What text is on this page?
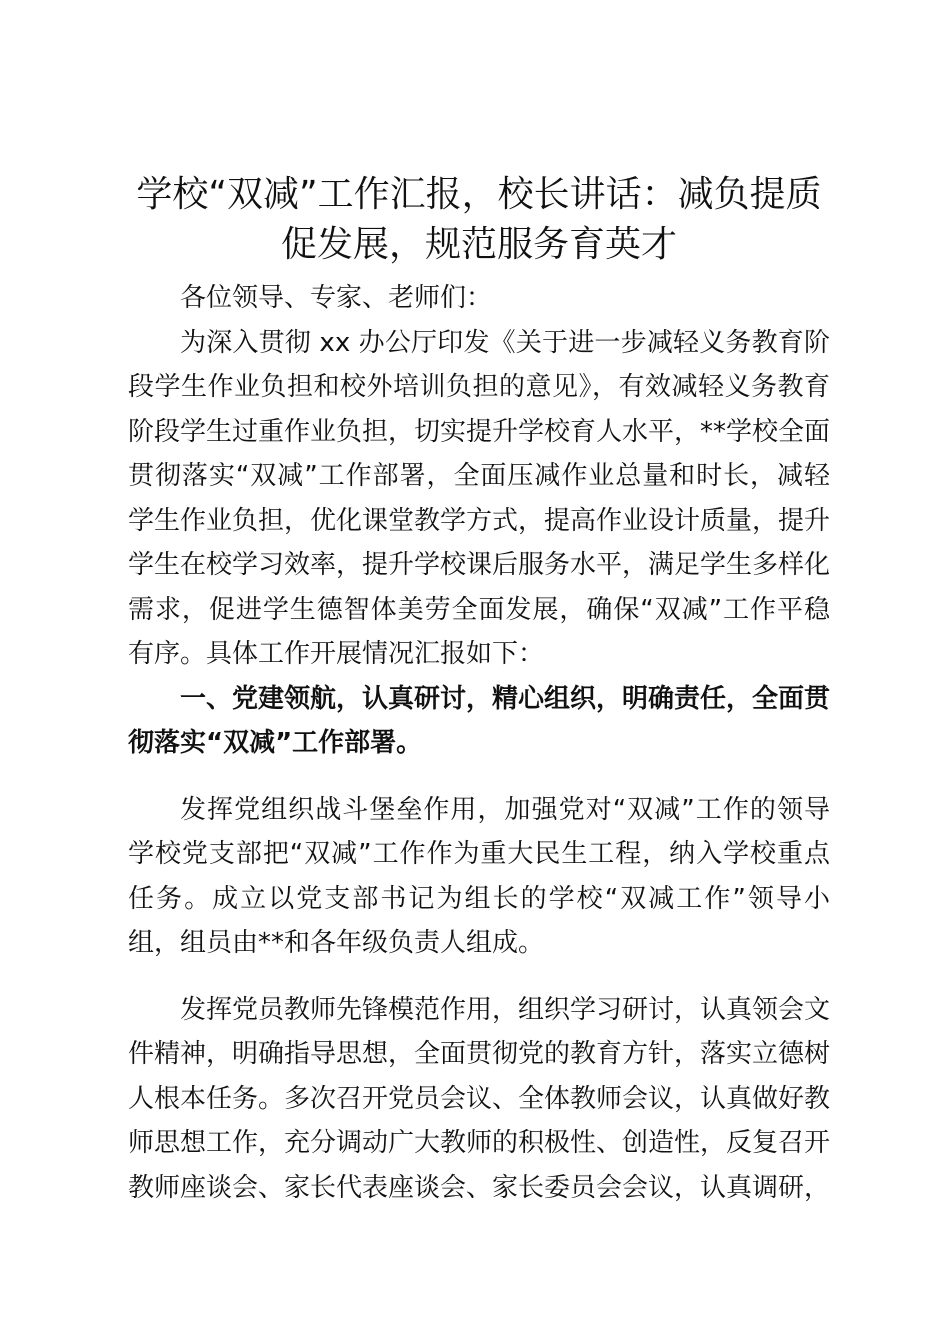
学校“双减”工作汇报，校长讲话：减负提质
促发展，规范服务育英才

各位领导、专家、老师们：

为深入贯彻 xx 办公厅印发《关于进一步减轻义务教育阶段学生作业负担和校外培训负担的意见》，有效减轻义务教育阶段学生过重作业负担，切实提升学校育人水平，**学校全面贯彻落实“双减”工作部署，全面压减作业总量和时长，减轻学生作业负担，优化课堂教学方式，提高作业设计质量，提升学生在校学习效率，提升学校课后服务水平，满足学生多样化需求，促进学生德智体美劳全面发展，确保“双减”工作平稳有序。具体工作开展情况汇报如下：

一、党建领航，认真研讨，精心组织，明确责任，全面贯彻落实“双减”工作部署。

发挥党组织战斗堡垒作用，加强党对“双减”工作的领导学校党支部把“双减”工作作为重大民生工程，纳入学校重点任务。成立以党支部书记为组长的学校“双减工作”领导小组，组员由**和各年级负责人组成。

发挥党员教师先锋模范作用，组织学习研讨，认真领会文件精神，明确指导思想，全面贯彻党的教育方针，落实立德树人根本任务。多次召开党员会议、全体教师会议，认真做好教师思想工作，充分调动广大教师的积极性、创造性，反复召开教师座谈会、家长代表座谈会、家长委员会会议，认真调研，
